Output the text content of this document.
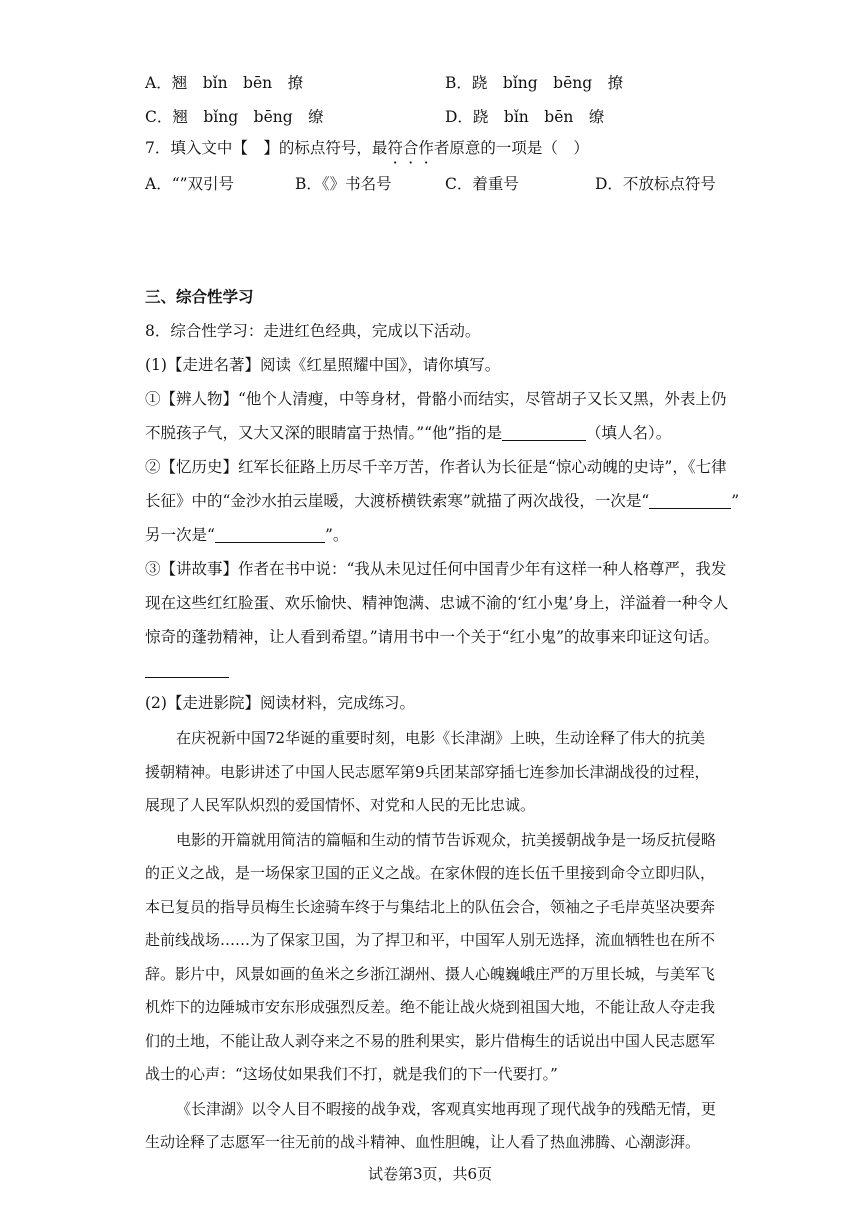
A．翘　bǐn　bēn　撩	B．跷　bǐng　bēng　撩
C．翘　bǐng　bēng　缭	D．跷　bǐn　bēn　缭
7．填入文中【　】的标点符号，最符合作者原意的一项是（　）
A．“”双引号	B．《》书名号	C．着重号	D．不放标点符号
三、综合性学习
8．综合性学习：走进红色经典，完成以下活动。
(1)【走进名著】阅读《红星照耀中国》，请你填写。
①【辨人物】“他个人清瘦，中等身材，骨骼小而结实，尽管胡子又长又黑，外表上仍
不脱孩子气，又大又深的眼睛富于热情。”“他”指的是	（填人名）。
②【忆历史】红军长征路上历尽千辛万苦，作者认为长征是“惊心动魄的史诗”，《七律
长征》中的“金沙水拍云崖暖，大渡桥横铁索寒”就描了两次战役，一次是“	”
另一次是“	”。
③【讲故事】作者在书中说：“我从未见过任何中国青少年有这样一种人格尊严，我发
现在这些红红脸蛋、欢乐愉快、精神饱满、忠诚不渝的‘红小鬼’身上，洋溢着一种令人
惊奇的蓬勃精神，让人看到希望。”请用书中一个关于“红小鬼”的故事来印证这句话。
(2)【走进影院】阅读材料，完成练习。
在庆祝新中国72华诞的重要时刻，电影《长津湖》上映，生动诠释了伟大的抗美
援朝精神。电影讲述了中国人民志愿军第9兵团某部穿插七连参加长津湖战役的过程，
展现了人民军队炽烈的爱国情怀、对党和人民的无比忠诚。
电影的开篇就用简洁的篇幅和生动的情节告诉观众，抗美援朝战争是一场反抗侵略
的正义之战，是一场保家卫国的正义之战。在家休假的连长伍千里接到命令立即归队，
本已复员的指导员梅生长途骑车终于与集结北上的队伍会合，领袖之子毛岸英坚决要奔
赴前线战场……为了保家卫国，为了捍卫和平，中国军人别无选择，流血牺牲也在所不
辞。影片中，风景如画的鱼米之乡浙江湖州、摄人心魄巍峨庄严的万里长城，与美军飞
机炸下的边陲城市安东形成强烈反差。绝不能让战火烧到祖国大地，不能让敌人夺走我
们的土地，不能让敌人剥夺来之不易的胜利果实，影片借梅生的话说出中国人民志愿军
战士的心声：“这场仗如果我们不打，就是我们的下一代要打。”
《长津湖》以令人目不暇接的战争戏，客观真实地再现了现代战争的残酷无情，更
生动诠释了志愿军一往无前的战斗精神、血性胆魄，让人看了热血沸腾、心潮澎湃。
试卷第3页，共6页
